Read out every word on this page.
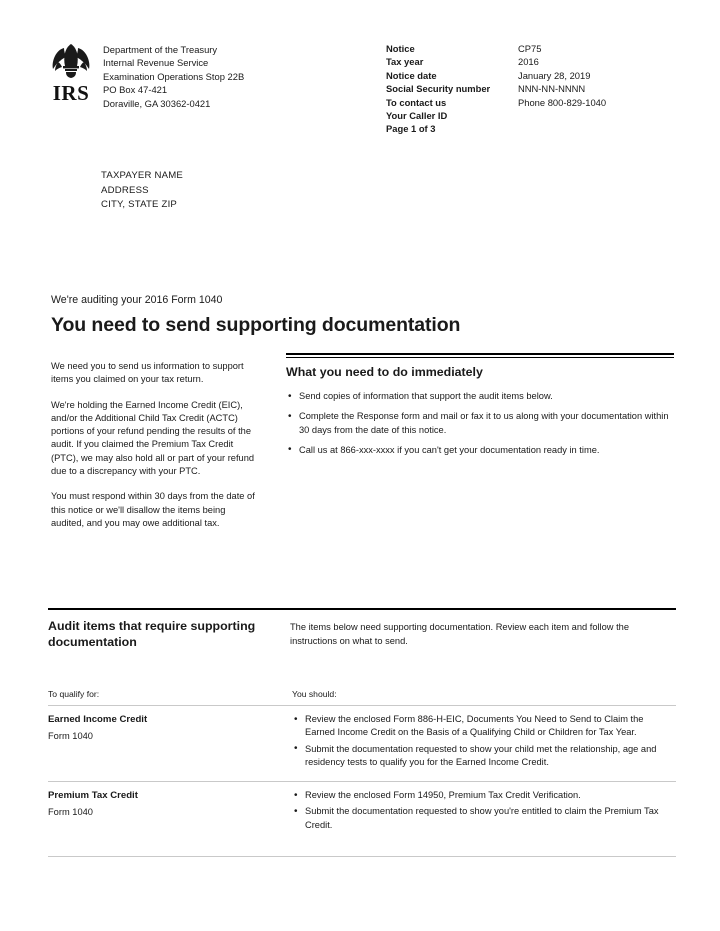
IRS
Department of the Treasury
Internal Revenue Service
Examination Operations Stop 22B
PO Box 47-421
Doraville, GA 30362-0421
Notice	CP75
Tax year	2016
Notice date	January 28, 2019
Social Security number	NNN-NN-NNNN
To contact us	Phone 800-829-1040
Your Caller ID
Page 1 of 3
TAXPAYER NAME
ADDRESS
CITY, STATE ZIP
We're auditing your 2016 Form 1040
You need to send supporting documentation

We need you to send us information to support items you claimed on your tax return.

We're holding the Earned Income Credit (EIC), and/or the Additional Child Tax Credit (ACTC) portions of your refund pending the results of the audit. If you claimed the Premium Tax Credit (PTC), we may also hold all or part of your refund due to a discrepancy with your PTC.

You must respond within 30 days from the date of this notice or we'll disallow the items being audited, and you may owe additional tax.

What you need to do immediately
• Send copies of information that support the audit items below.
• Complete the Response form and mail or fax it to us along with your documentation within 30 days from the date of this notice.
• Call us at 866-xxx-xxxx if you can't get your documentation ready in time.
Audit items that require supporting documentation
The items below need supporting documentation. Review each item and follow the instructions on what to send.
To qualify for:	You should:
Earned Income Credit
Form 1040
• Review the enclosed Form 886-H-EIC, Documents You Need to Send to Claim the Earned Income Credit on the Basis of a Qualifying Child or Children for Tax Year.
• Submit the documentation requested to show your child met the relationship, age and residency tests to qualify you for the Earned Income Credit.
Premium Tax Credit
Form 1040
• Review the enclosed Form 14950, Premium Tax Credit Verification.
• Submit the documentation requested to show you're entitled to claim the Premium Tax Credit.
